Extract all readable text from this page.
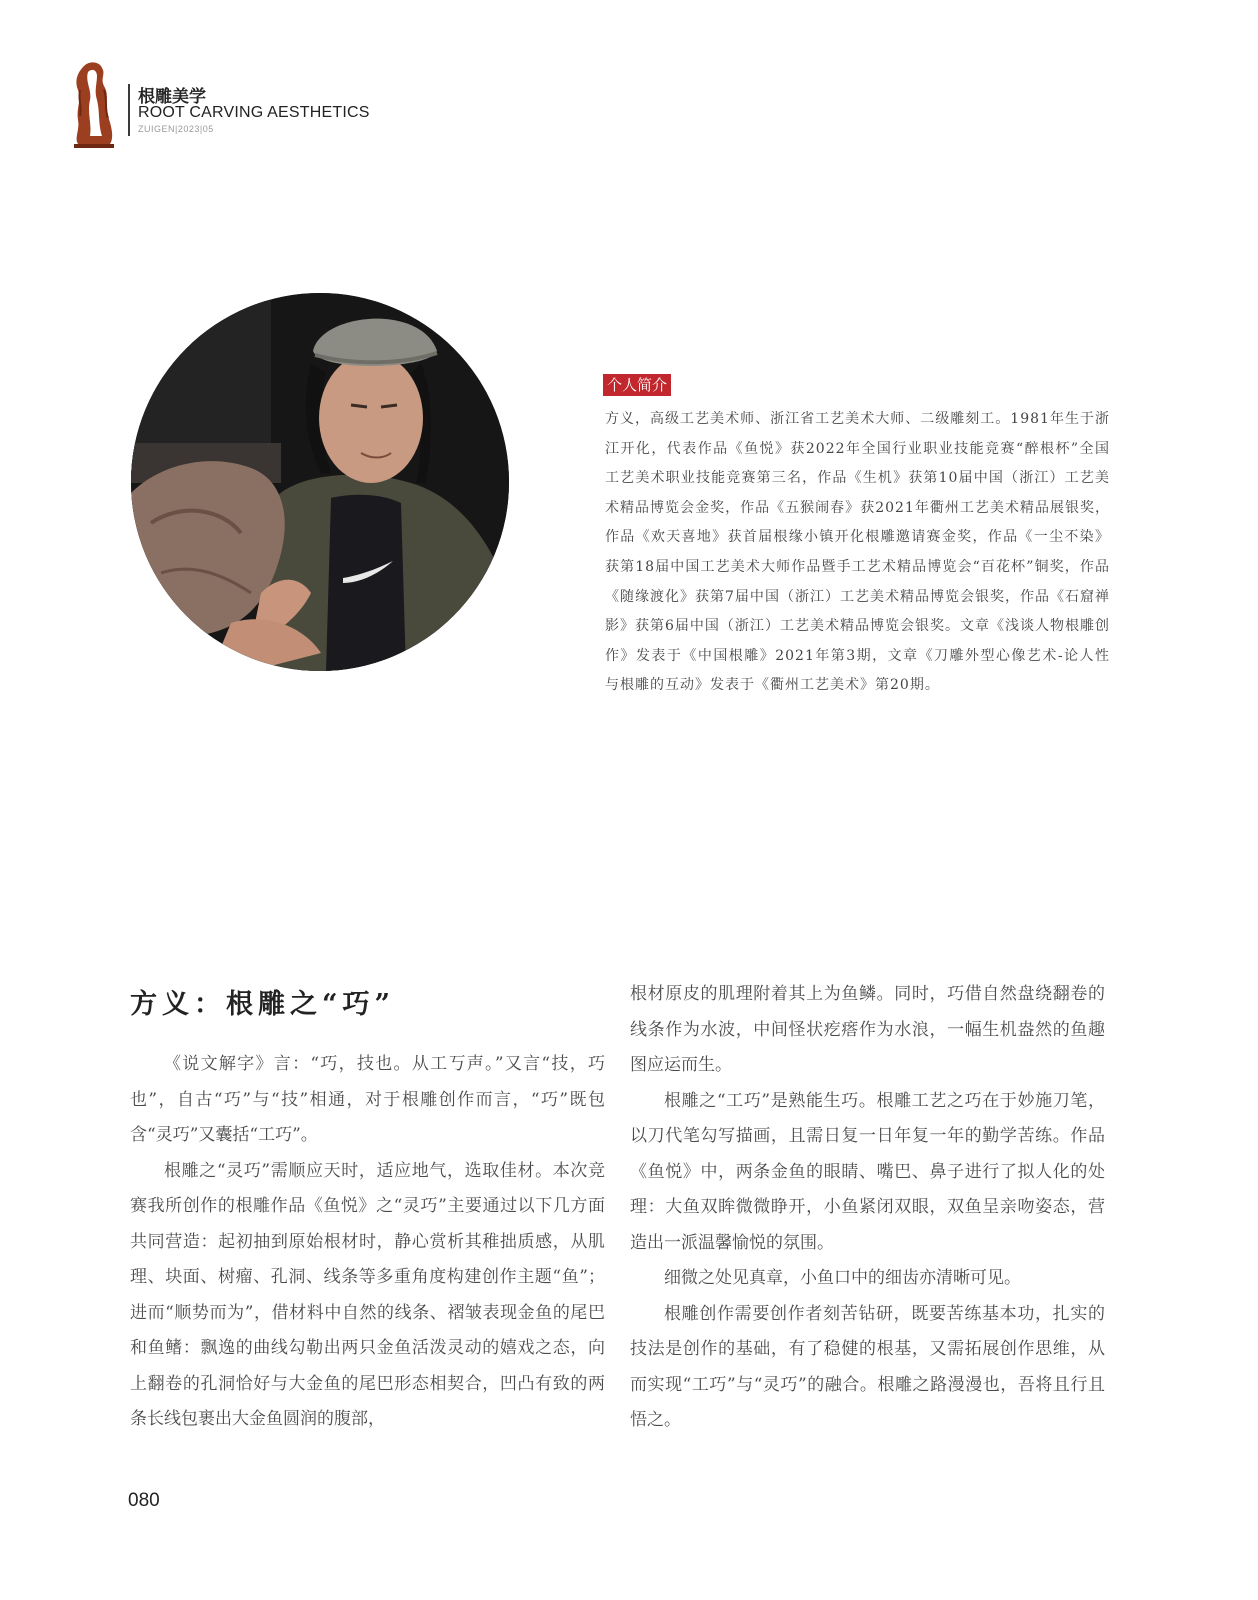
根雕美学
ROOT CARVING AESTHETICS
ZUIGEN|2023|05
个人简介
方义，高级工艺美术师、浙江省工艺美术大师、二级雕刻工。1981年生于浙江开化，代表作品《鱼悦》获2022年全国行业职业技能竞赛“醉根杯”全国工艺美术职业技能竞赛第三名，作品《生机》获第10届中国（浙江）工艺美术精品博览会金奖，作品《五猴闹春》获2021年衢州工艺美术精品展银奖，作品《欢天喜地》获首届根缘小镇开化根雕邀请赛金奖，作品《一尘不染》获第18届中国工艺美术大师作品暨手工艺术精品博览会“百花杯”铜奖，作品《随缘渡化》获第7届中国（浙江）工艺美术精品博览会银奖，作品《石窟禅影》获第6届中国（浙江）工艺美术精品博览会银奖。文章《浅谈人物根雕创作》发表于《中国根雕》2021年第3期，文章《刀雕外型心像艺术-论人性与根雕的互动》发表于《衢州工艺美术》第20期。
方义：根雕之“巧”

《说文解字》言：“巧，技也。从工丂声。”又言“技，巧也”，自古“巧”与“技”相通，对于根雕创作而言，“巧”既包含“灵巧”又囊括“工巧”。

根雕之“灵巧”需顺应天时，适应地气，选取佳材。本次竞赛我所创作的根雕作品《鱼悦》之“灵巧”主要通过以下几方面共同营造：起初抽到原始根材时，静心赏析其稚拙质感，从肌理、块面、树瘤、孔洞、线条等多重角度构建创作主题“鱼”；进而“顺势而为”，借材料中自然的线条、褶皱表现金鱼的尾巴和鱼鳍：飘逸的曲线勾勒出两只金鱼活泼灵动的嬉戏之态，向上翻卷的孔洞恰好与大金鱼的尾巴形态相契合，凹凸有致的两条长线包裹出大金鱼圆润的腹部，

根材原皮的肌理附着其上为鱼鳞。同时，巧借自然盘绕翻卷的线条作为水波，中间怪状疙瘩作为水浪，一幅生机盎然的鱼趣图应运而生。

根雕之“工巧”是熟能生巧。根雕工艺之巧在于妙施刀笔，以刀代笔勾写描画，且需日复一日年复一年的勤学苦练。作品《鱼悦》中，两条金鱼的眼睛、嘴巴、鼻子进行了拟人化的处理：大鱼双眸微微睁开，小鱼紧闭双眼，双鱼呈亲吻姿态，营造出一派温馨愉悦的氛围。

细微之处见真章，小鱼口中的细齿亦清晰可见。

根雕创作需要创作者刻苦钻研，既要苦练基本功，扎实的技法是创作的基础，有了稳健的根基，又需拓展创作思维，从而实现“工巧”与“灵巧”的融合。根雕之路漫漫也，吾将且行且悟之。

080
